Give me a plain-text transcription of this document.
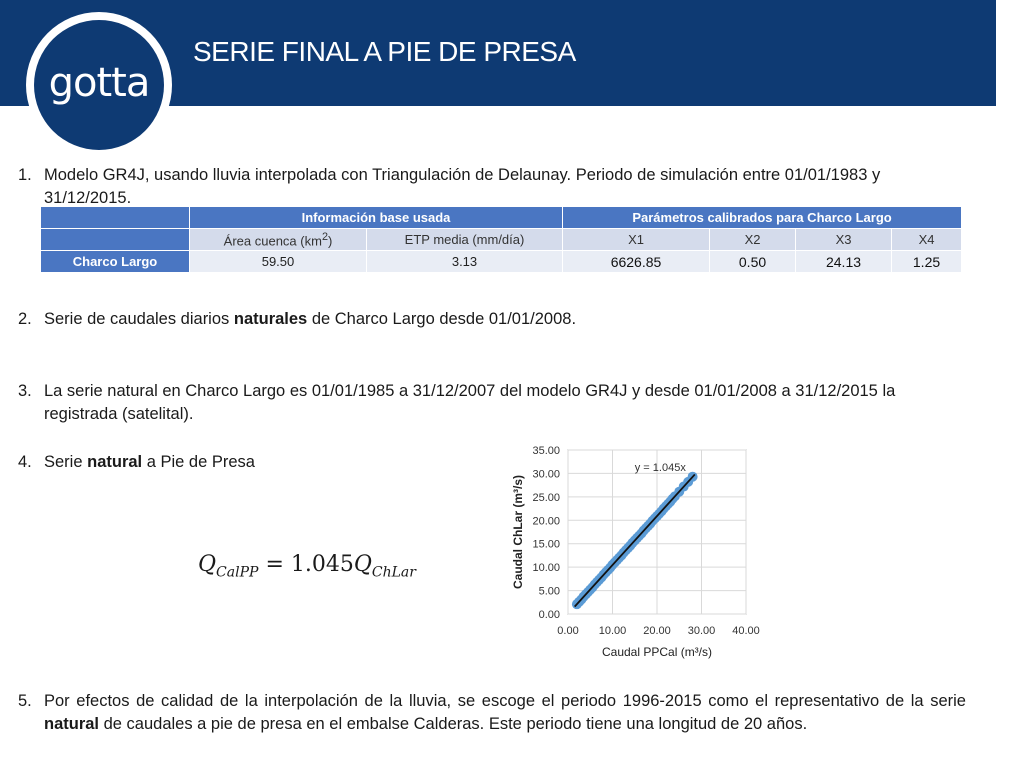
gotta
SERIE FINAL A PIE DE PRESA
1. Modelo GR4J, usando lluvia interpolada con Triangulación de Delaunay. Periodo de simulación entre 01/01/1983 y 31/12/2015.
	Información base usada		Parámetros calibrados para Charco Largo			
	Área cuenca $(km^2)$	ETP media (mm/día)	X1	X2	X3	X4
Charco Largo	59.50	3.13	6626.85	0.50	24.13	1.25
2. Serie de caudales diarios naturales de Charco Largo desde 01/01/2008.
3. La serie natural en Charco Largo es 01/01/1985 a 31/12/2007 del modelo GR4J y desde 01/01/2008 a 31/12/2015 la registrada (satelital).
4. Serie natural a Pie de Presa
$Q_{CalPP} = 1.045Q_{ChLar}$
y = 1.045x
0.00 10.00 20.00 30.00 40.00
0.00
5.00
10.00
15.00
20.00
25.00
30.00
35.00
Caudal PPCal (m³/s)
Caudal ChLar (m³/s)
5. Por efectos de calidad de la interpolación de la lluvia, se escoge el periodo 1996-2015 como el representativo de la serie natural de caudales a pie de presa en el embalse Calderas. Este periodo tiene una longitud de 20 años.
